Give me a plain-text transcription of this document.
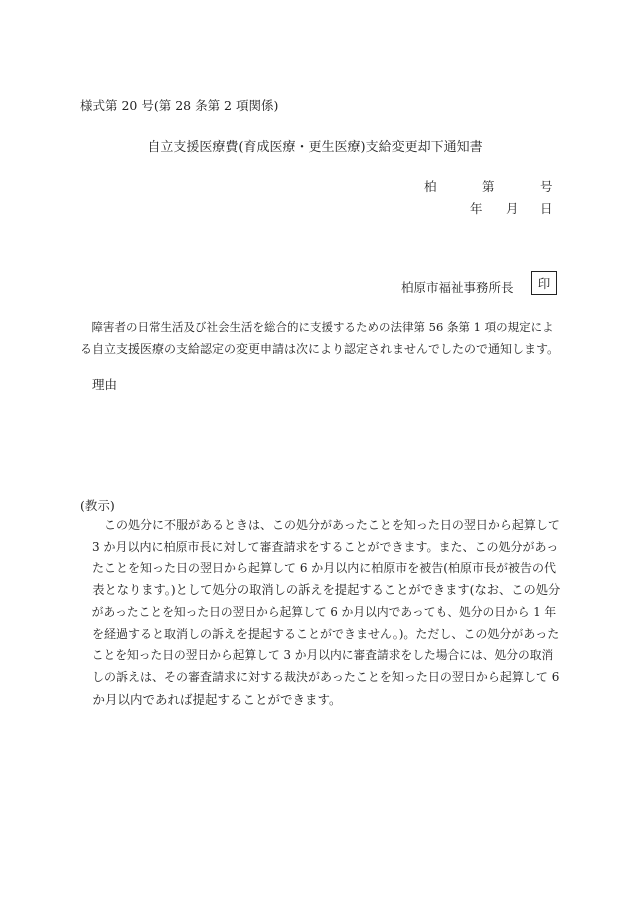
様式第 20 号(第 28 条第 2 項関係)
自立支援医療費(育成医療・更生医療)支給変更却下通知書
柏	第	号
年 月 日
柏原市福祉事務所長	印
　障害者の日常生活及び社会生活を総合的に支援するための法律第 56 条第 1 項の規定によ
る自立支援医療の支給認定の変更申請は次により認定されませんでしたので通知します。
理由
(教示)
　　この処分に不服があるときは、この処分があったことを知った日の翌日から起算して
　3 か月以内に柏原市長に対して審査請求をすることができます。また、この処分があっ
　たことを知った日の翌日から起算して 6 か月以内に柏原市を被告(柏原市長が被告の代
　表となります。)として処分の取消しの訴えを提起することができます(なお、この処分
　があったことを知った日の翌日から起算して 6 か月以内であっても、処分の日から 1 年
　を経過すると取消しの訴えを提起することができません。)。ただし、この処分があった
　ことを知った日の翌日から起算して 3 か月以内に審査請求をした場合には、処分の取消
　しの訴えは、その審査請求に対する裁決があったことを知った日の翌日から起算して 6
　か月以内であれば提起することができます。
